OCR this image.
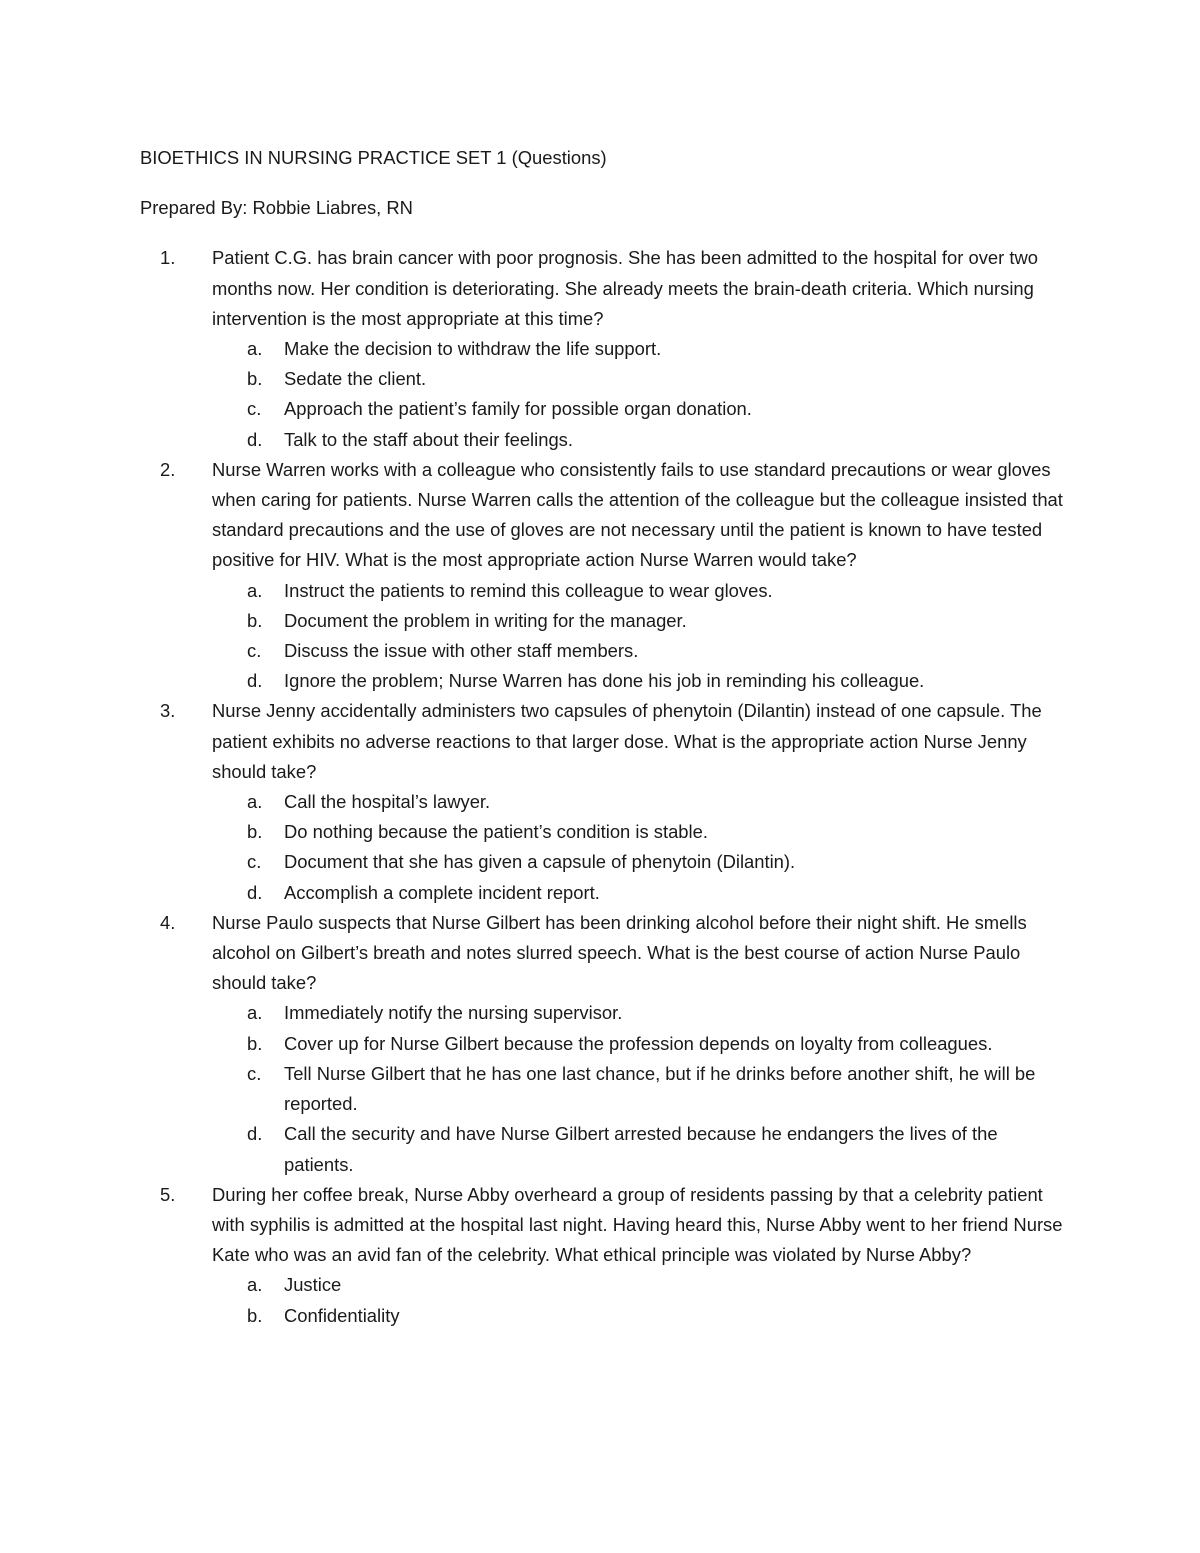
BIOETHICS IN NURSING PRACTICE SET 1 (Questions)

Prepared By: Robbie Liabres, RN

1. Patient C.G. has brain cancer with poor prognosis. She has been admitted to the hospital for over two months now. Her condition is deteriorating. She already meets the brain-death criteria. Which nursing intervention is the most appropriate at this time?
a. Make the decision to withdraw the life support.
b. Sedate the client.
c. Approach the patient’s family for possible organ donation.
d. Talk to the staff about their feelings.
2. Nurse Warren works with a colleague who consistently fails to use standard precautions or wear gloves when caring for patients. Nurse Warren calls the attention of the colleague but the colleague insisted that standard precautions and the use of gloves are not necessary until the patient is known to have tested positive for HIV. What is the most appropriate action Nurse Warren would take?
a. Instruct the patients to remind this colleague to wear gloves.
b. Document the problem in writing for the manager.
c. Discuss the issue with other staff members.
d. Ignore the problem; Nurse Warren has done his job in reminding his colleague.
3. Nurse Jenny accidentally administers two capsules of phenytoin (Dilantin) instead of one capsule. The patient exhibits no adverse reactions to that larger dose. What is the appropriate action Nurse Jenny should take?
a. Call the hospital’s lawyer.
b. Do nothing because the patient’s condition is stable.
c. Document that she has given a capsule of phenytoin (Dilantin).
d. Accomplish a complete incident report.
4. Nurse Paulo suspects that Nurse Gilbert has been drinking alcohol before their night shift. He smells alcohol on Gilbert’s breath and notes slurred speech. What is the best course of action Nurse Paulo should take?
a. Immediately notify the nursing supervisor.
b. Cover up for Nurse Gilbert because the profession depends on loyalty from colleagues.
c. Tell Nurse Gilbert that he has one last chance, but if he drinks before another shift, he will be reported.
d. Call the security and have Nurse Gilbert arrested because he endangers the lives of the patients.
5. During her coffee break, Nurse Abby overheard a group of residents passing by that a celebrity patient with syphilis is admitted at the hospital last night. Having heard this, Nurse Abby went to her friend Nurse Kate who was an avid fan of the celebrity. What ethical principle was violated by Nurse Abby?
a. Justice
b. Confidentiality
